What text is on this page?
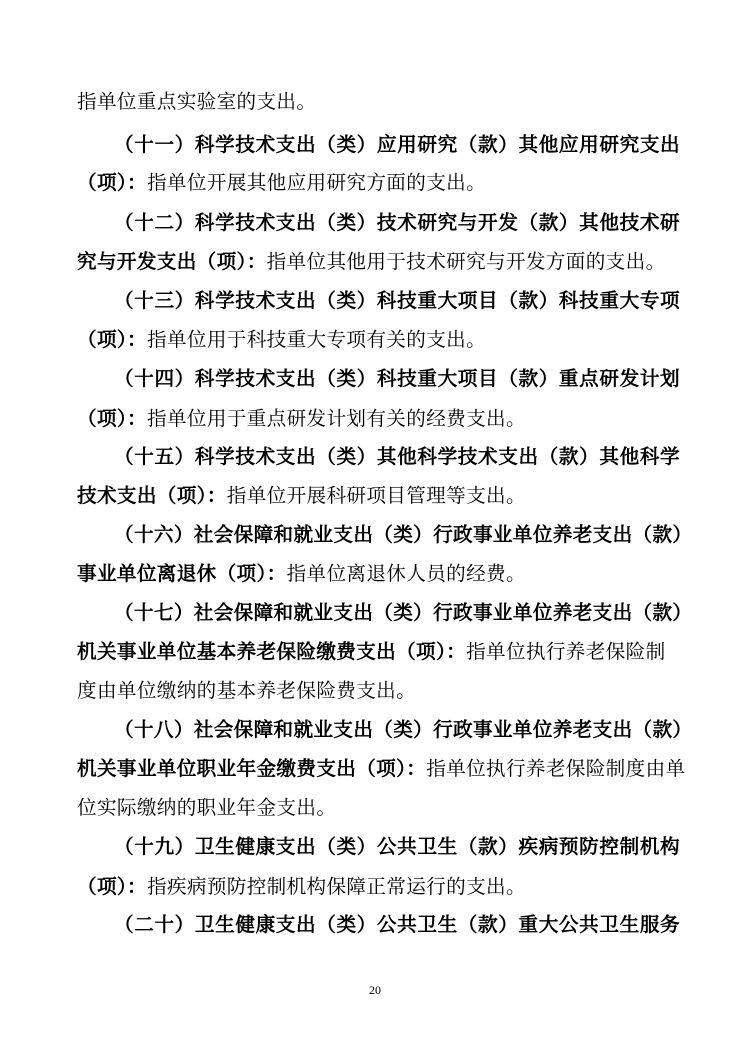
指单位重点实验室的支出。
（十一）科学技术支出（类）应用研究（款）其他应用研究支出
（项）：指单位开展其他应用研究方面的支出。
（十二）科学技术支出（类）技术研究与开发（款）其他技术研
究与开发支出（项）：指单位其他用于技术研究与开发方面的支出。
（十三）科学技术支出（类）科技重大项目（款）科技重大专项
（项）：指单位用于科技重大专项有关的支出。
（十四）科学技术支出（类）科技重大项目（款）重点研发计划
（项）：指单位用于重点研发计划有关的经费支出。
（十五）科学技术支出（类）其他科学技术支出（款）其他科学
技术支出（项）：指单位开展科研项目管理等支出。
（十六）社会保障和就业支出（类）行政事业单位养老支出（款）
事业单位离退休（项）：指单位离退休人员的经费。
（十七）社会保障和就业支出（类）行政事业单位养老支出（款）
机关事业单位基本养老保险缴费支出（项）：指单位执行养老保险制
度由单位缴纳的基本养老保险费支出。
（十八）社会保障和就业支出（类）行政事业单位养老支出（款）
机关事业单位职业年金缴费支出（项）：指单位执行养老保险制度由单
位实际缴纳的职业年金支出。
（十九）卫生健康支出（类）公共卫生（款）疾病预防控制机构
（项）：指疾病预防控制机构保障正常运行的支出。
（二十）卫生健康支出（类）公共卫生（款）重大公共卫生服务
20
